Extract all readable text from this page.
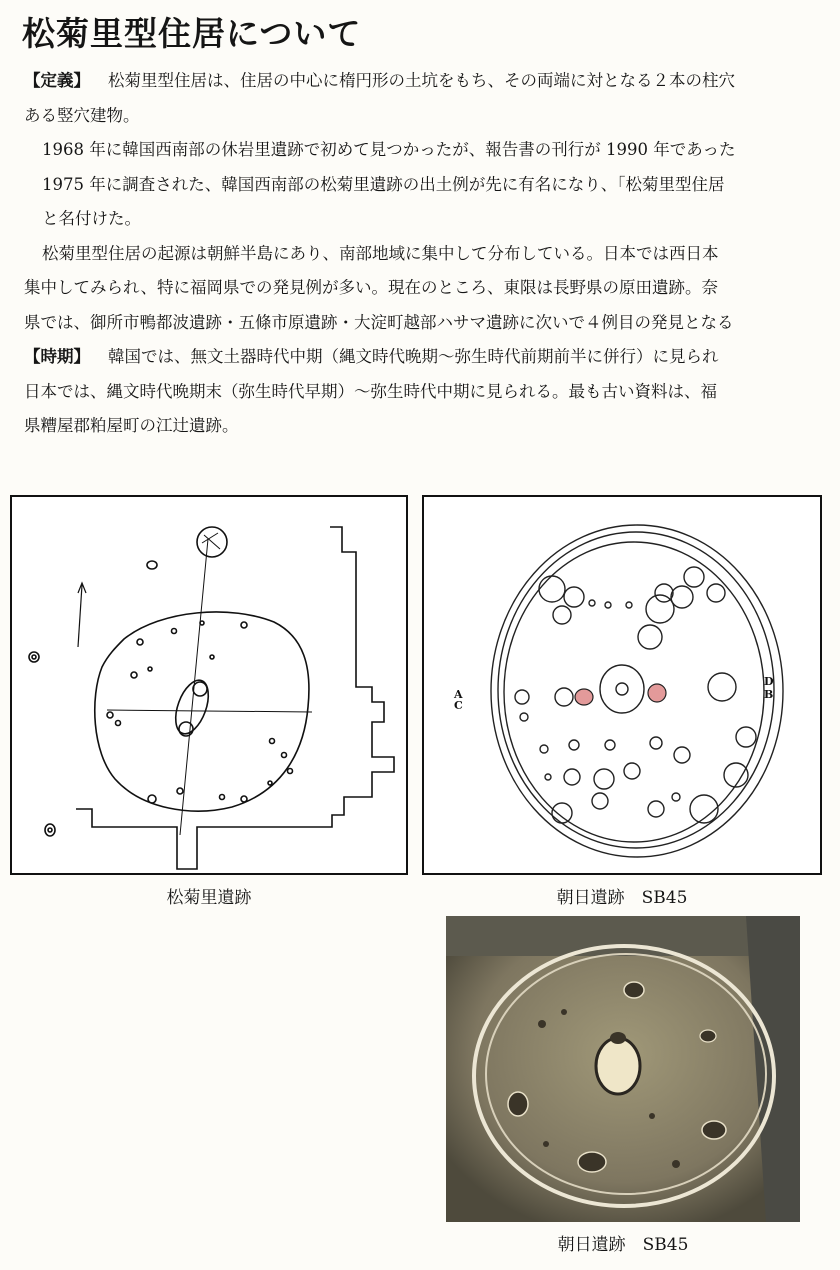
松菊里型住居について
【定義】 松菊里型住居は、住居の中心に楕円形の土坑をもち、その両端に対となる２本の柱穴
ある竪穴建物。
1968 年に韓国西南部の休岩里遺跡で初めて見つかったが、報告書の刊行が 1990 年であった
1975 年に調査された、韓国西南部の松菊里遺跡の出土例が先に有名になり、「松菊里型住居
と名付けた。
松菊里型住居の起源は朝鮮半島にあり、南部地域に集中して分布している。日本では西日本
集中してみられ、特に福岡県での発見例が多い。現在のところ、東限は長野県の原田遺跡。奈
県では、御所市鴨都波遺跡・五條市原遺跡・大淀町越部ハサマ遺跡に次いで４例目の発見となる
【時期】 韓国では、無文土器時代中期（縄文時代晩期～弥生時代前期前半に併行）に見られ
日本では、縄文時代晩期末（弥生時代早期）～弥生時代中期に見られる。最も古い資料は、福
県糟屋郡粕屋町の江辻遺跡。
松菊里遺跡
A
C
D
B
朝日遺跡　SB45
朝日遺跡　SB45
